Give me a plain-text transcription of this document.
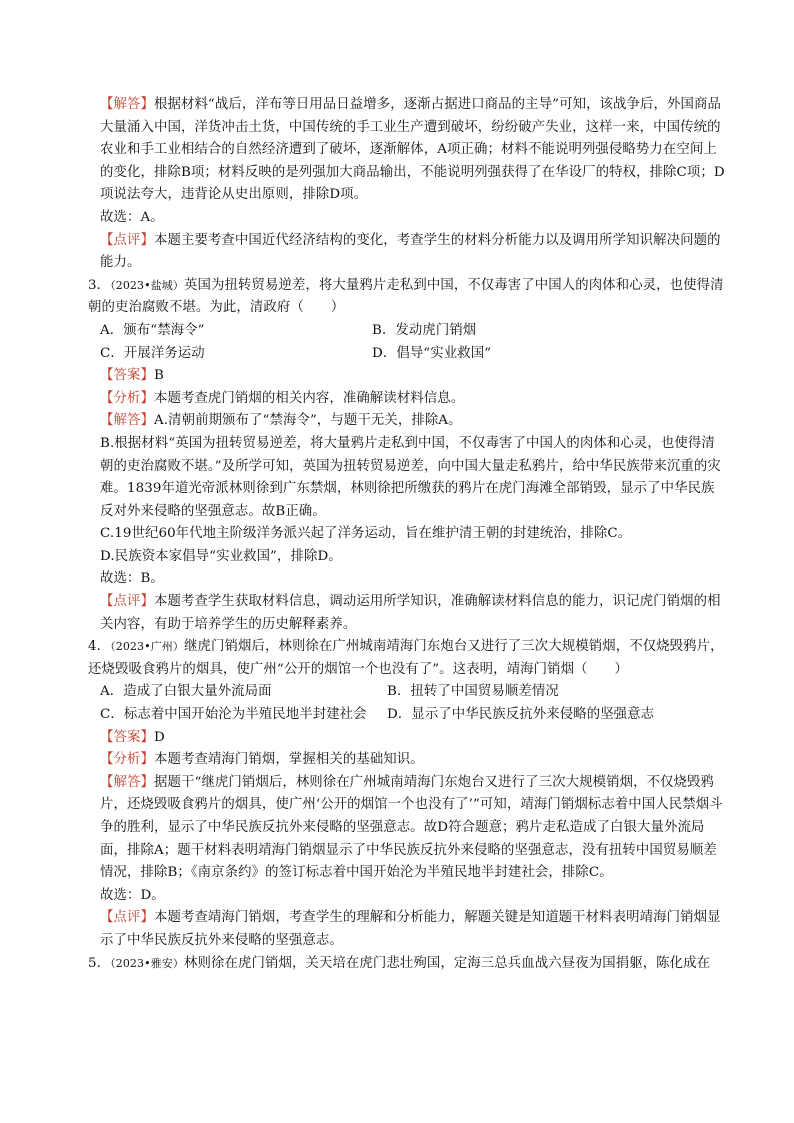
【解答】根据材料“战后，洋布等日用品日益增多，逐渐占据进口商品的主导”可知，该战争后，外国商品大量涌入中国，洋货冲击土货，中国传统的手工业生产遭到破坏，纷纷破产失业，这样一来，中国传统的农业和手工业相结合的自然经济遭到了破坏，逐渐解体，A项正确；材料不能说明列强侵略势力在空间上的变化，排除B项；材料反映的是列强加大商品输出，不能说明列强获得了在华设厂的特权，排除C项；D项说法夸大，违背论从史出原则，排除D项。

故选：A。

【点评】本题主要考查中国近代经济结构的变化，考查学生的材料分析能力以及调用所学知识解决问题的能力。

3．（2023•盐城）英国为扭转贸易逆差，将大量鸦片走私到中国，不仅毒害了中国人的肉体和心灵，也使得清朝的吏治腐败不堪。为此，清政府（　　）

A．颁布“禁海令”	B．发动虎门销烟
C．开展洋务运动	D．倡导“实业救国”

【答案】B

【分析】本题考查虎门销烟的相关内容，准确解读材料信息。

【解答】A.清朝前期颁布了“禁海令”，与题干无关，排除A。

B.根据材料“英国为扭转贸易逆差，将大量鸦片走私到中国，不仅毒害了中国人的肉体和心灵，也使得清朝的吏治腐败不堪。”及所学可知，英国为扭转贸易逆差，向中国大量走私鸦片，给中华民族带来沉重的灾难。1839年道光帝派林则徐到广东禁烟，林则徐把所缴获的鸦片在虎门海滩全部销毁，显示了中华民族反对外来侵略的坚强意志。故B正确。

C.19世纪60年代地主阶级洋务派兴起了洋务运动，旨在维护清王朝的封建统治，排除C。

D.民族资本家倡导“实业救国”，排除D。

故选：B。

【点评】本题考查学生获取材料信息，调动运用所学知识，准确解读材料信息的能力，识记虎门销烟的相关内容，有助于培养学生的历史解释素养。

4．（2023•广州）继虎门销烟后，林则徐在广州城南靖海门东炮台又进行了三次大规模销烟，不仅烧毁鸦片，还烧毁吸食鸦片的烟具，使广州“公开的烟馆一个也没有了”。这表明，靖海门销烟（　　）

A．造成了白银大量外流局面	B．扭转了中国贸易顺差情况
C．标志着中国开始沦为半殖民地半封建社会	D．显示了中华民族反抗外来侵略的坚强意志

【答案】D

【分析】本题考查靖海门销烟，掌握相关的基础知识。

【解答】据题干“继虎门销烟后，林则徐在广州城南靖海门东炮台又进行了三次大规模销烟，不仅烧毁鸦片，还烧毁吸食鸦片的烟具，使广州‘公开的烟馆一个也没有了’”可知，靖海门销烟标志着中国人民禁烟斗争的胜利，显示了中华民族反抗外来侵略的坚强意志。故D符合题意；鸦片走私造成了白银大量外流局面，排除A；题干材料表明靖海门销烟显示了中华民族反抗外来侵略的坚强意志，没有扭转中国贸易顺差情况，排除B；《南京条约》的签订标志着中国开始沦为半殖民地半封建社会，排除C。

故选：D。

【点评】本题考查靖海门销烟，考查学生的理解和分析能力，解题关键是知道题干材料表明靖海门销烟显示了中华民族反抗外来侵略的坚强意志。

5．（2023•雅安）林则徐在虎门销烟，关天培在虎门悲壮殉国，定海三总兵血战六昼夜为国捐躯，陈化成在
